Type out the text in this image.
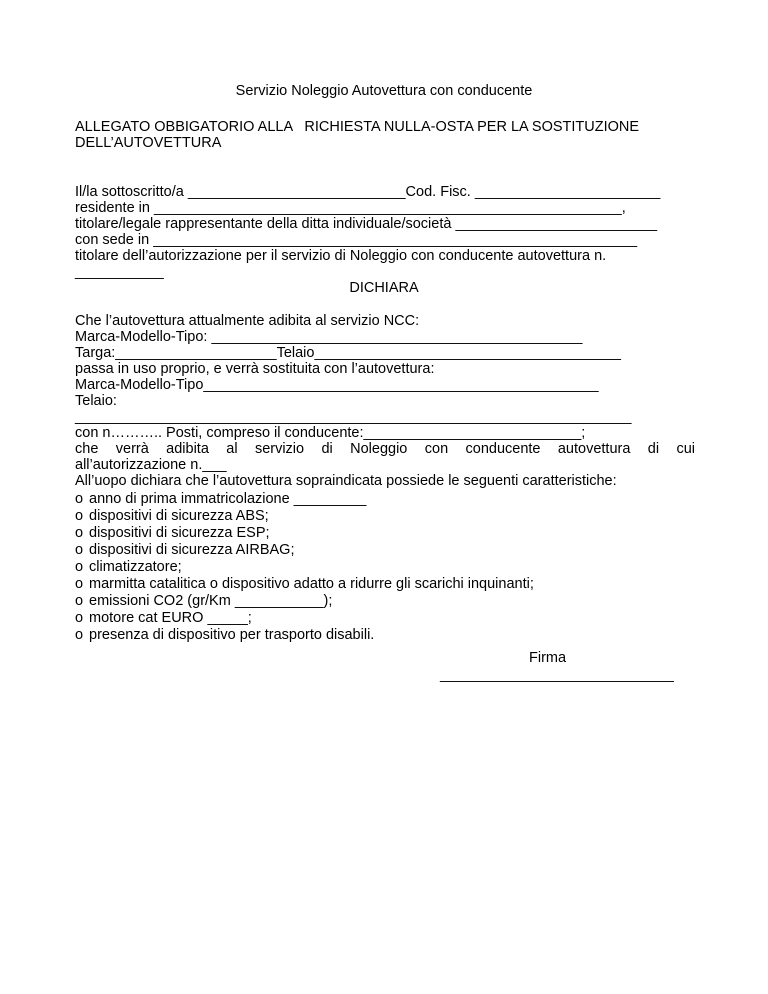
Servizio Noleggio Autovettura con conducente
ALLEGATO OBBIGATORIO ALLA   RICHIESTA NULLA-OSTA PER LA SOSTITUZIONE
DELL’AUTOVETTURA
Il/la sottoscritto/a ___________________________Cod. Fisc. _______________________
residente in __________________________________________________________,
titolare/legale rappresentante della ditta individuale/società _________________________
con sede in ____________________________________________________________
titolare dell’autorizzazione per il servizio di Noleggio con conducente autovettura n.
___________
DICHIARA
Che l’autovettura attualmente adibita al servizio NCC:
Marca-Modello-Tipo: ______________________________________________
Targa:____________________Telaio______________________________________
passa in uso proprio, e verrà sostituita con l’autovettura:
Marca-Modello-Tipo_________________________________________________
Telaio:
_____________________________________________________________________
con n……….. Posti, compreso il conducente:___________________________;
che verrà adibita al servizio di Noleggio con conducente autovettura di cui
all’autorizzazione n.___
All’uopo dichiara che l’autovettura sopraindicata possiede le seguenti caratteristiche:
o anno di prima immatricolazione _________
o dispositivi di sicurezza ABS;
o dispositivi di sicurezza ESP;
o dispositivi di sicurezza AIRBAG;
o climatizzatore;
o marmitta catalitica o dispositivo adatto a ridurre gli scarichi inquinanti;
o emissioni CO2 (gr/Km ___________);
o motore cat EURO _____;
o presenza di dispositivo per trasporto disabili.
Firma
_____________________________
